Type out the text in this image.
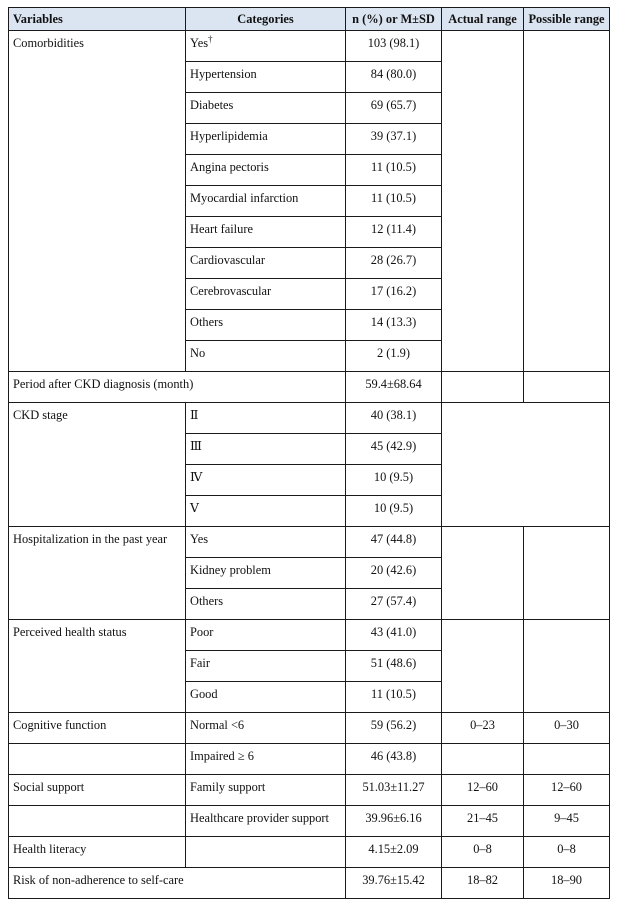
Variables	Categories	n (%) or M±SD	Actual range	Possible range
Comorbidities	Yes†	103 (98.1)		
	Hypertension	84 (80.0)		
	Diabetes	69 (65.7)		
	Hyperlipidemia	39 (37.1)		
	Angina pectoris	11 (10.5)		
	Myocardial infarction	11 (10.5)		
	Heart failure	12 (11.4)		
	Cardiovascular	28 (26.7)		
	Cerebrovascular	17 (16.2)		
	Others	14 (13.3)		
	No	2 (1.9)		
Period after CKD diagnosis (month)		59.4±68.64		
CKD stage	Ⅱ	40 (38.1)		
	Ⅲ	45 (42.9)		
	Ⅳ	10 (9.5)		
	Ⅴ	10 (9.5)		
Hospitalization in the past year	Yes	47 (44.8)		
	Kidney problem	20 (42.6)		
	Others	27 (57.4)		
Perceived health status	Poor	43 (41.0)		
	Fair	51 (48.6)		
	Good	11 (10.5)		
Cognitive function	Normal <6	59 (56.2)	0–23	0–30
	Impaired ≥ 6	46 (43.8)		
Social support	Family support	51.03±11.27	12–60	12–60
	Healthcare provider support	39.96±6.16	21–45	9–45
Health literacy		4.15±2.09	0–8	0–8
Risk of non-adherence to self-care		39.76±15.42	18–82	18–90
